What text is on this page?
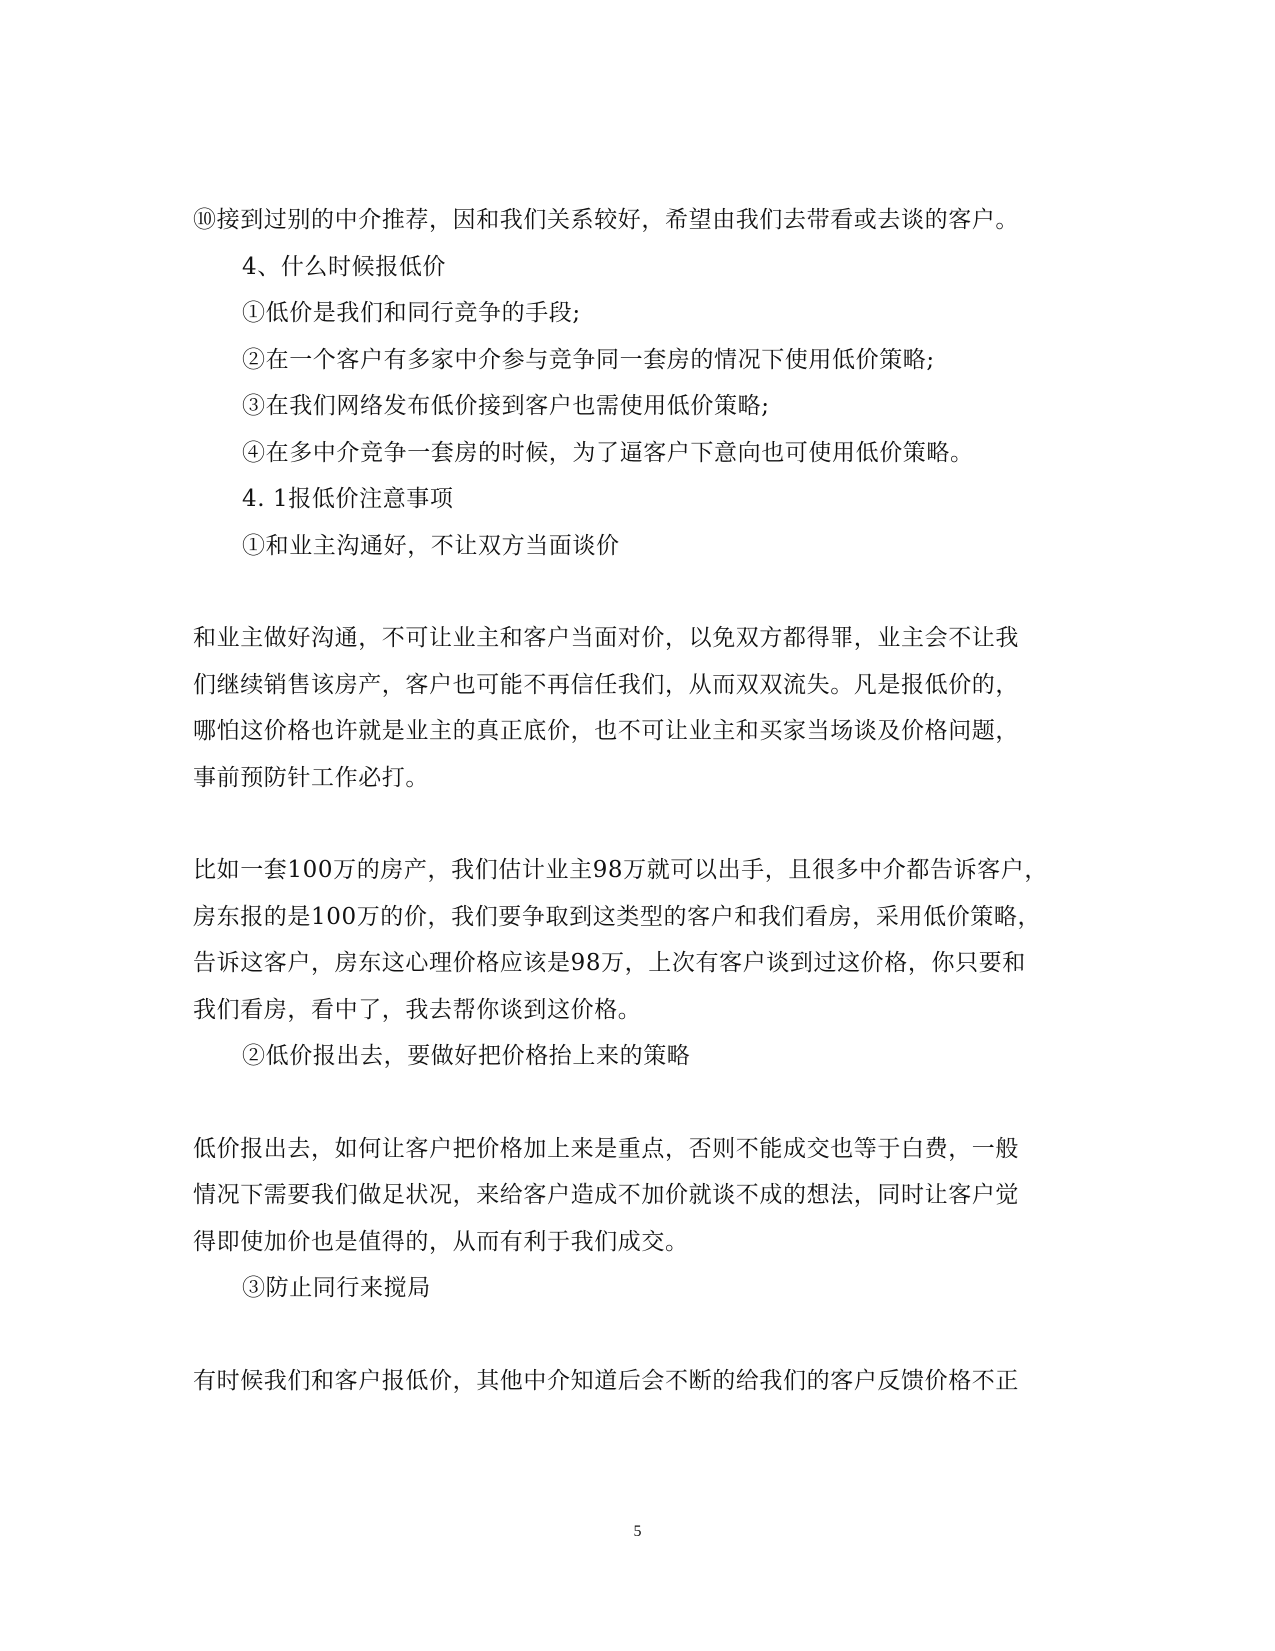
⑩接到过别的中介推荐，因和我们关系较好，希望由我们去带看或去谈的客户。
4、什么时候报低价
①低价是我们和同行竞争的手段;
②在一个客户有多家中介参与竞争同一套房的情况下使用低价策略;
③在我们网络发布低价接到客户也需使用低价策略;
④在多中介竞争一套房的时候，为了逼客户下意向也可使用低价策略。
4. 1报低价注意事项
①和业主沟通好，不让双方当面谈价
和业主做好沟通，不可让业主和客户当面对价，以免双方都得罪，业主会不让我
们继续销售该房产，客户也可能不再信任我们，从而双双流失。凡是报低价的，
哪怕这价格也许就是业主的真正底价，也不可让业主和买家当场谈及价格问题，
事前预防针工作必打。
比如一套100万的房产，我们估计业主98万就可以出手，且很多中介都告诉客户，
房东报的是100万的价，我们要争取到这类型的客户和我们看房，采用低价策略，
告诉这客户，房东这心理价格应该是98万，上次有客户谈到过这价格，你只要和
我们看房，看中了，我去帮你谈到这价格。
②低价报出去，要做好把价格抬上来的策略
低价报出去，如何让客户把价格加上来是重点，否则不能成交也等于白费，一般
情况下需要我们做足状况，来给客户造成不加价就谈不成的想法，同时让客户觉
得即使加价也是值得的，从而有利于我们成交。
③防止同行来搅局
有时候我们和客户报低价，其他中介知道后会不断的给我们的客户反馈价格不正
5
